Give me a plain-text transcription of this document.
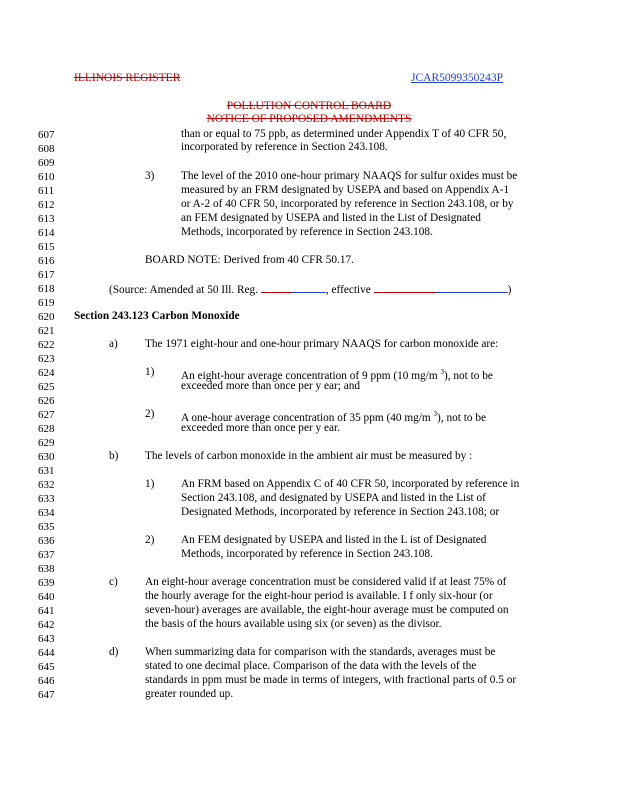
ILLINOIS REGISTER	JCAR5099350243P
POLLUTION CONTROL BOARD
NOTICE OF PROPOSED AMENDMENTS
607
608
609
610
611
612
613
614
615
616
617
618
619
620
621
622
623
624
625
626
627
628
629
630
631
632
633
634
635
636
637
638
639
640
641
642
643
644
645
646
647
than or equal to 75 ppb, as determined under Appendix T of 40 CFR 50,
incorporated by reference in Section 243.108.
3) The level of the 2010 one-hour primary NAAQS for sulfur oxides must be
measured by an FRM designated by USEPA and based on Appendix A-1
or A-2 of 40 CFR 50, incorporated by reference in Section 243.108, or by
an FEM designated by USEPA and listed in the List of Designated
Methods, incorporated by reference in Section 243.108.
BOARD NOTE: Derived from 40 CFR 50.17.
(Source: Amended at 50 Ill. Reg.	, effective	)
Section 243.123 Carbon Monoxide
a) The 1971 eight-hour and one-hour primary NAAQS for carbon monoxide are:
1) An eight-hour average concentration of 9 ppm (10 mg/m $^3$), not to be
exceeded more than once per y ear; and
2) A one-hour average concentration of 35 ppm (40 mg/m $^3$), not to be
exceeded more than once per y ear.
b) The levels of carbon monoxide in the ambient air must be measured by :
1) An FRM based on Appendix C of 40 CFR 50, incorporated by reference in
Section 243.108, and designated by USEPA and listed in the List of
Designated Methods, incorporated by reference in Section 243.108; or
2) An FEM designated by USEPA and listed in the L ist of Designated
Methods, incorporated by reference in Section 243.108.
c) An eight-hour average concentration must be considered valid if at least 75% of
the hourly average for the eight-hour period is available. I f only six-hour (or
seven-hour) averages are available, the eight-hour average must be computed on
the basis of the hours available using six (or seven) as the divisor.
d) When summarizing data for comparison with the standards, averages must be
stated to one decimal place. Comparison of the data with the levels of the
standards in ppm must be made in terms of integers, with fractional parts of 0.5 or
greater rounded up.
